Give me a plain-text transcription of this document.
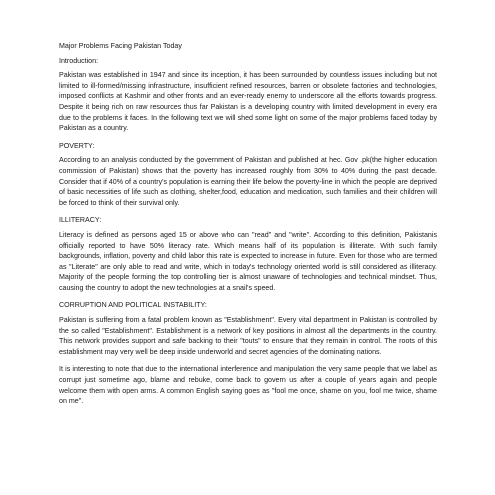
Major Problems Facing Pakistan Today

Introduction:

Pakistan was established in 1947 and since its inception, it has been surrounded by countless issues including but not limited to ill-formed/missing infrastructure, insufficient refined resources, barren or obsolete factories and technologies, imposed conflicts at Kashmir and other fronts and an ever-ready enemy to underscore all the efforts towards progress. Despite it being rich on raw resources thus far Pakistan is a developing country with limited development in every era due to the problems it faces. In the following text we will shed some light on some of the major problems faced today by Pakistan as a country.

POVERTY:

According to an analysis conducted by the government of Pakistan and published at hec. Gov .pk(the higher education commission of Pakistan) shows that the poverty has increased roughly from 30% to 40% during the past decade. Consider that if 40% of a country's population is earning their life below the poverty-line in which the people are deprived of basic necessities of life such as clothing, shelter,food, education and medication, such families and their children will be forced to think of their survival only.

ILLITERACY:

Literacy is defined as persons aged 15 or above who can "read" and "write". According to this definition, Pakistanis officially reported to have 50% literacy rate. Which means half of its population is illiterate. With such family backgrounds, inflation, poverty and child labor this rate is expected to increase in future. Even for those who are termed as "Literate" are only able to read and write, which in today's technology oriented world is still considered as illiteracy. Majority of the people forming the top controlling tier is almost unaware of technologies and technical mindset. Thus, causing the country to adopt the new technologies at a snail's speed.

CORRUPTION AND POLITICAL INSTABILITY:

Pakistan is suffering from a fatal problem known as "Establishment". Every vital department in Pakistan is controlled by the so called "Establishment". Establishment is a network of key positions in almost all the departments in the country. This network provides support and safe backing to their "touts" to ensure that they remain in control. The roots of this establishment may very well be deep inside underworld and secret agencies of the dominating nations.

It is interesting to note that due to the international interference and manipulation the very same people that we label as corrupt just sometime ago, blame and rebuke, come back to govern us after a couple of years again and people welcome them with open arms. A common English saying goes as "fool me once, shame on you, fool me twice, shame on me".
